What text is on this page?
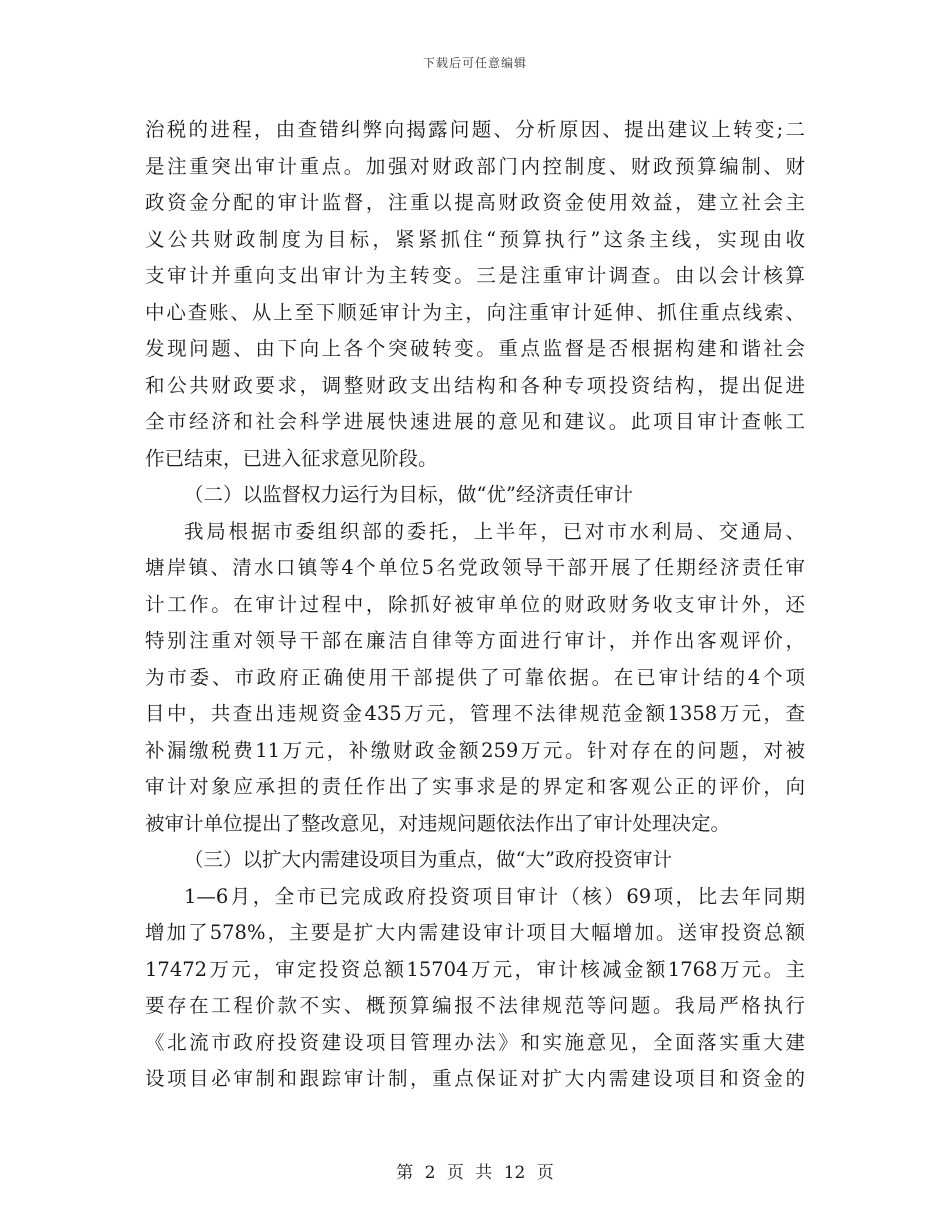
下载后可任意编辑
治税的进程，由查错纠弊向揭露问题、分析原因、提出建议上转变;二
是注重突出审计重点。加强对财政部门内控制度、财政预算编制、财
政资金分配的审计监督，注重以提高财政资金使用效益，建立社会主
义公共财政制度为目标，紧紧抓住“预算执行”这条主线，实现由收
支审计并重向支出审计为主转变。三是注重审计调查。由以会计核算
中心查账、从上至下顺延审计为主，向注重审计延伸、抓住重点线索、
发现问题、由下向上各个突破转变。重点监督是否根据构建和谐社会
和公共财政要求，调整财政支出结构和各种专项投资结构，提出促进
全市经济和社会科学进展快速进展的意见和建议。此项目审计查帐工
作已结束，已进入征求意见阶段。
（二）以监督权力运行为目标，做“优”经济责任审计
我局根据市委组织部的委托，上半年，已对市水利局、交通局、
塘岸镇、清水口镇等4个单位5名党政领导干部开展了任期经济责任审
计工作。在审计过程中，除抓好被审单位的财政财务收支审计外，还
特别注重对领导干部在廉洁自律等方面进行审计，并作出客观评价，
为市委、市政府正确使用干部提供了可靠依据。在已审计结的4个项
目中，共查出违规资金435万元，管理不法律规范金额1358万元，查
补漏缴税费11万元，补缴财政金额259万元。针对存在的问题，对被
审计对象应承担的责任作出了实事求是的界定和客观公正的评价，向
被审计单位提出了整改意见，对违规问题依法作出了审计处理决定。
（三）以扩大内需建设项目为重点，做“大”政府投资审计
1—6月，全市已完成政府投资项目审计（核）69项，比去年同期
增加了578%，主要是扩大内需建设审计项目大幅增加。送审投资总额
17472万元，审定投资总额15704万元，审计核减金额1768万元。主
要存在工程价款不实、概预算编报不法律规范等问题。我局严格执行
《北流市政府投资建设项目管理办法》和实施意见，全面落实重大建
设项目必审制和跟踪审计制，重点保证对扩大内需建设项目和资金的
第 2 页 共 12 页
